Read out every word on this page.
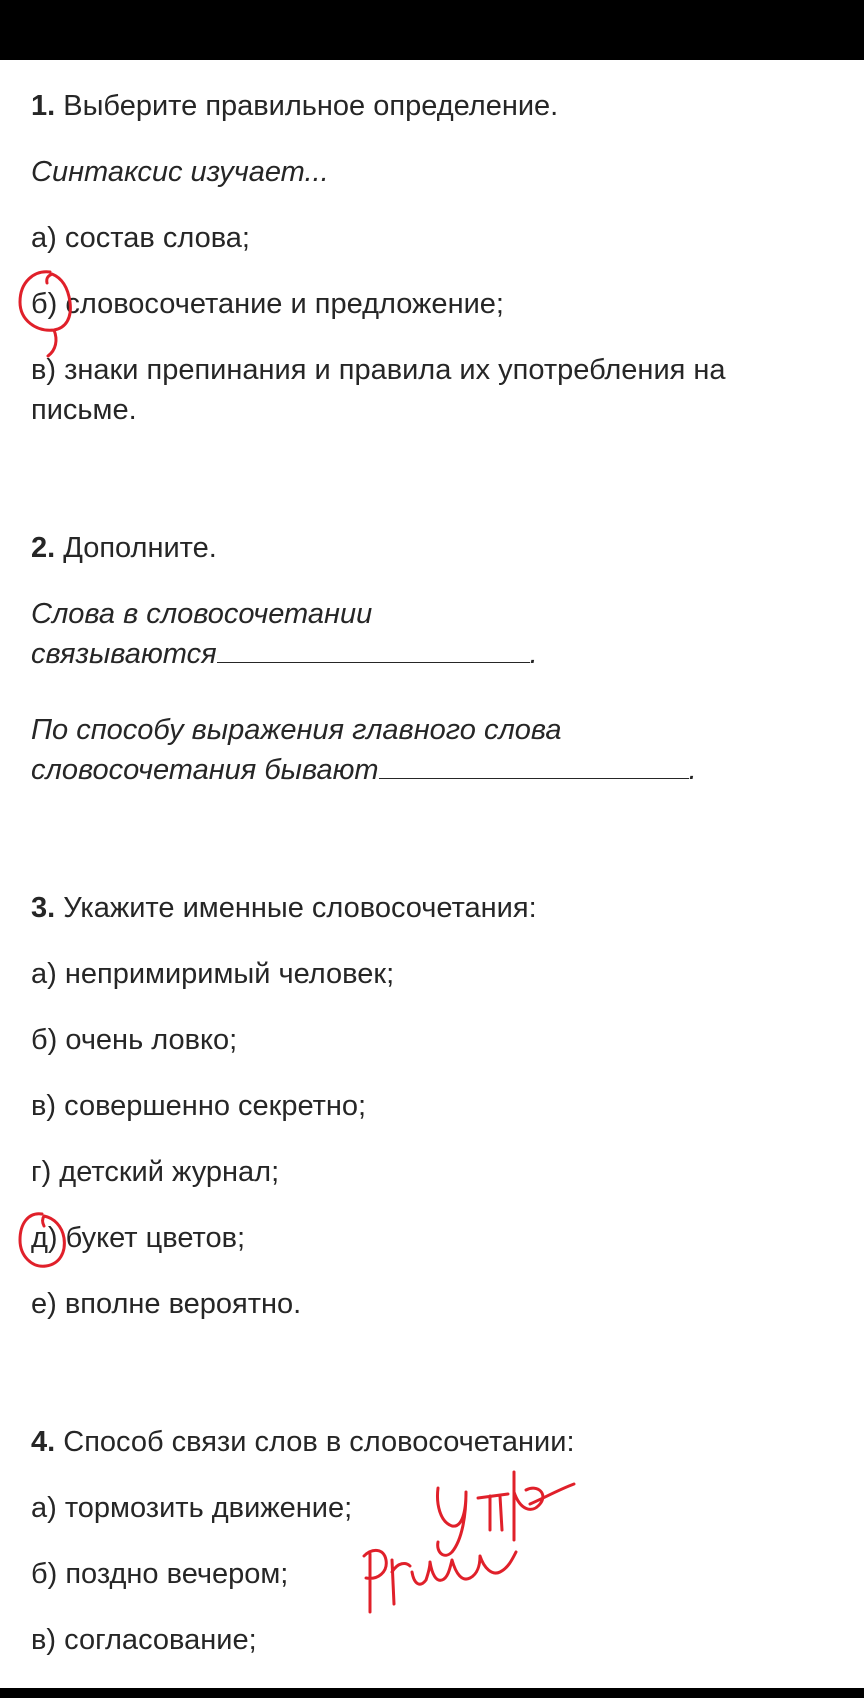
1. Выберите правильное определение.

Синтаксис изучает...

а) состав слова;

б) словосочетание и предложение;

в) знаки препинания и правила их употребления на

письме.

2. Дополните.

Слова в словосочетании

связываются	.

По способу выражения главного слова

словосочетания бывают	.

3. Укажите именные словосочетания:

а) непримиримый человек;

б) очень ловко;

в) совершенно секретно;

г) детский журнал;

д) букет цветов;

е) вполне вероятно.

4. Способ связи слов в словосочетании:

а) тормозить движение;

б) поздно вечером;

в) согласование;
